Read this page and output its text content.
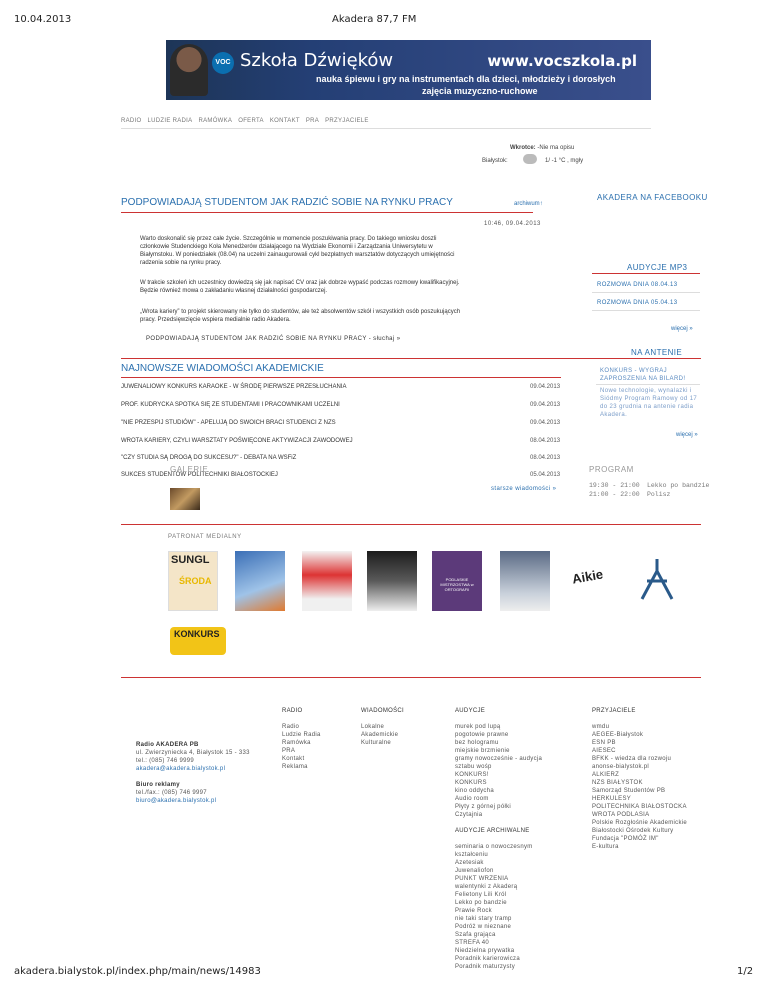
10.04.2013	Akadera 87,7 FM
VOC Szkoła Dźwięków	www.vocszkola.pl
nauka śpiewu i gry na instrumentach dla dzieci, młodzieży i dorosłych
zajęcia muzyczno-ruchowe
RADIO LUDZIE RADIA RAMÓWKA OFERTA KONTAKT PRA PRZYJACIELE
Wkrotce: -Nie ma opisu
Białystok:	1/ -1 °C , mgły
PODPOWIADAJĄ STUDENTOM JAK RADZIĆ SOBIE NA RYNKU PRACY	archiwum↑
10:46, 09.04.2013
Warto doskonalić się przez całe życie. Szczególnie w momencie poszukiwania pracy. Do takiego wniosku doszli członkowie Studenckiego Koła Menedżerów działającego na Wydziale Ekonomii i Zarządzania Uniwersytetu w Białymstoku. W poniedziałek (08.04) na uczelni zainaugurowali cykl bezpłatnych warsztatów dotyczących umiejętności radzenia sobie na rynku pracy.
W trakcie szkoleń ich uczestnicy dowiedzą się jak napisać CV oraz jak dobrze wypaść podczas rozmowy kwalifikacyjnej. Będzie również mowa o zakładaniu własnej działalności gospodarczej.
„Wrota kariery” to projekt skierowany nie tylko do studentów, ale też absolwentów szkół i wszystkich osób poszukujących pracy. Przedsięwzięcie wspiera medialnie radio Akadera.
PODPOWIADAJĄ STUDENTOM JAK RADZIĆ SOBIE NA RYNKU PRACY - słuchaj »
AKADERA NA FACEBOOKU
AUDYCJE MP3
ROZMOWA DNIA 08.04.13
ROZMOWA DNIA 05.04.13
więcej »
NA ANTENIE
KONKURS - WYGRAJ ZAPROSZENIA NA BILARD!
Nowe technologie, wynalazki i Siódmy Program Ramowy od 17 do 23 grudnia na antenie radia Akadera.
więcej »
NAJNOWSZE WIADOMOŚCI AKADEMICKIE
JUWENALIOWY KONKURS KARAOKE - W ŚRODĘ PIERWSZE PRZESŁUCHANIA	09.04.2013
PROF. KUDRYCKA SPOTKA SIĘ ZE STUDENTAMI I PRACOWNIKAMI UCZELNI	09.04.2013
"NIE PRZESPIJ STUDIÓW" - APELUJĄ DO SWOICH BRACI STUDENCI Z NZS	09.04.2013
WROTA KARIERY, CZYLI WARSZTATY POŚWIĘCONE AKTYWIZACJI ZAWODOWEJ	08.04.2013
"CZY STUDIA SĄ DROGĄ DO SUKCESU?" - DEBATA NA WSFiZ	08.04.2013
SUKCES STUDENTÓW POLITECHNIKI BIAŁOSTOCKIEJ	05.04.2013
starsze wiadomości »
GALERIE	PROGRAM
19:30 - 21:00 Lekko po bandzie
21:00 - 22:00 Polisz
PATRONAT MEDIALNY
SUNGL
ŚRODA	PODLASKIE MISTRZOSTWA w ORTOGRAFII
Aikie
KONKURS
Radio AKADERA PB
ul. Zwierzyniecka 4, Białystok 15 - 333
tel.: (085) 746 9999
akadera@akadera.bialystok.pl

Biuro reklamy
tel./fax.: (085) 746 9997
biuro@akadera.bialystok.pl
RADIO

Radio
Ludzie Radia
Ramówka
PRA
Kontakt
Reklama
WIADOMOŚCI

Lokalne
Akademickie
Kulturalne
AUDYCJE

murek pod lupą
pogotowie prawne
bez hologramu
miejskie brzmienie
gramy nowocześnie - audycja
sztabu wośp
KONKURS!
KONKURS
kino oddycha
Audio room
Płyty z górnej półki
Czytajnia

AUDYCJE ARCHIWALNE

seminaria o nowoczesnym kształceniu
Azetesiak
Juwenaliofon
PUNKT WRZENIA
walentynki z Akaderą
Felietony Lili Król
Lekko po bandzie
Prawie Rock
nie taki stary tramp
Podróż w nieznane
Szafa grająca
STREFA 40
Niedzielna prywatka
Poradnik karierowicza
Poradnik maturzysty
PRZYJACIELE

wmdu
AEGEE-Białystok
ESN PB
AIESEC
BFKK - wiedza dla rozwoju
anonse-bialystok.pl
ALKIERZ
NZS BIAŁYSTOK
Samorząd Studentów PB
HERKULESY
POLITECHNIKA BIAŁOSTOCKA
WROTA PODLASIA
Polskie Rozgłośnie Akademickie
Białostocki Ośrodek Kultury
Fundacja "POMÓŻ IM"
E-kultura
akadera.bialystok.pl/index.php/main/news/14983	1/2
